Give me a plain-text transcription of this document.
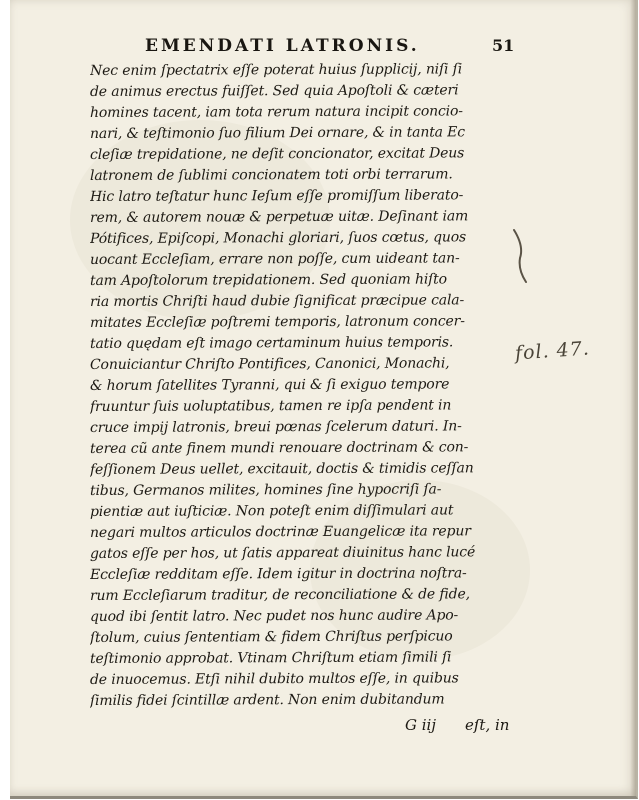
EMENDATI LATRONIS.	51
Nec enim ſpectatrix eſſe poterat huius ſupplicij, niſi ſi
de animus erectus fuiſſet. Sed quia Apoſtoli & cæteri
homines tacent, iam tota rerum natura incipit concio-
nari, & teſtimonio ſuo filium Dei ornare, & in tanta Ec
cleſiæ trepidatione, ne deſit concionator, excitat Deus
latronem de ſublimi concionatem toti orbi terrarum.
Hic latro teſtatur hunc Ieſum eſſe promiſſum liberato-
rem, & autorem nouæ & perpetuæ uitæ. Deſinant iam
Pótifices, Epiſcopi, Monachi gloriari, ſuos cœtus, quos
uocant Eccleſiam, errare non poſſe, cum uideant tan-
tam Apoſtolorum trepidationem. Sed quoniam hiſto
ria mortis Chriſti haud dubie ſignificat præcipue cala-
mitates Eccleſiæ poſtremi temporis, latronum concer-
tatio quędam eſt imago certaminum huius temporis.
Conuiciantur Chriſto Pontifices, Canonici, Monachi,
& horum ſatellites Tyranni, qui & ſi exiguo tempore
fruuntur ſuis uoluptatibus, tamen re ipſa pendent in
cruce impij latronis, breui pœnas ſcelerum daturi. In-
terea cũ ante finem mundi renouare doctrinam & con-
feſſionem Deus uellet, excitauit, doctis & timidis ceſſan
tibus, Germanos milites, homines ſine hypocriſi ſa-
pientiæ aut iuſticiæ. Non poteſt enim diſſimulari aut
negari multos articulos doctrinæ Euangelicæ ita repur
gatos eſſe per hos, ut ſatis appareat diuinitus hanc lucé
Eccleſiæ redditam eſſe. Idem igitur in doctrina noſtra-
rum Eccleſiarum traditur, de reconciliatione & de fide,
quod ibi ſentit latro. Nec pudet nos hunc audire Apo-
ſtolum, cuius ſententiam & fidem Chriſtus perſpicuo
teſtimonio approbat. Vtinam Chriſtum etiam ſimili ſi
de inuocemus. Etſi nihil dubito multos eſſe, in quibus
ſimilis fidei ſcintillæ ardent. Non enim dubitandum
fol. 47.
G iij eſt, in
